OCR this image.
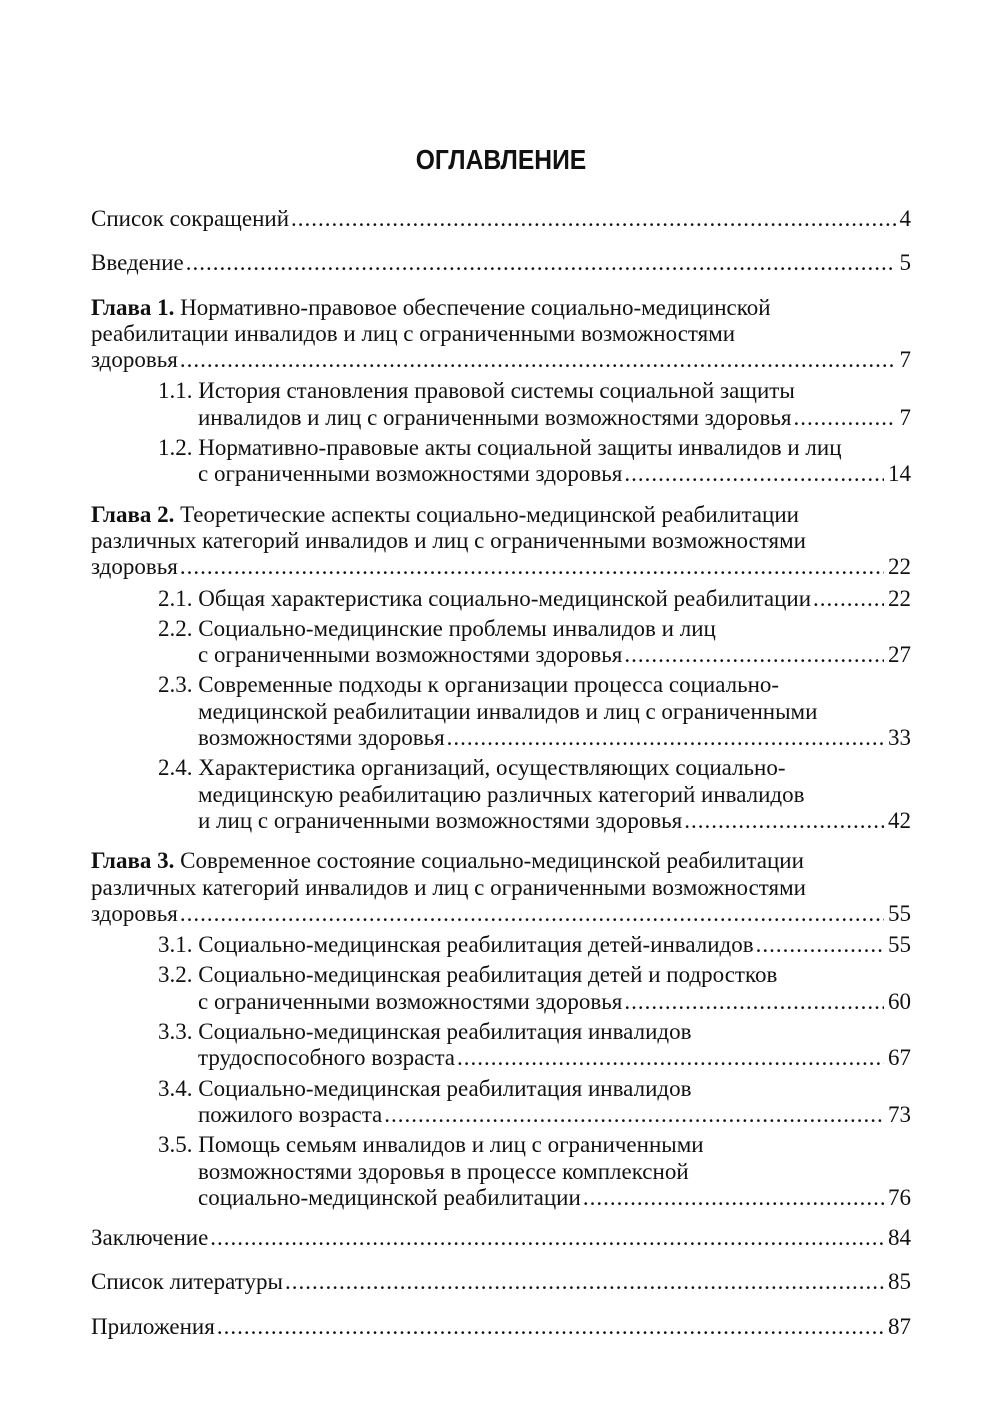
ОГЛАВЛЕНИЕ
Список сокращений .....	4
Введение .....	5
Глава 1. Нормативно-правовое обеспечение социально-медицинской
реабилитации инвалидов и лиц с ограниченными возможностями
здоровья .....	7
1.1. История становления правовой системы социальной защиты
инвалидов и лиц с ограниченными возможностями здоровья .....	7
1.2. Нормативно-правовые акты социальной защиты инвалидов и лиц
с ограниченными возможностями здоровья .....	14
Глава 2. Теоретические аспекты социально-медицинской реабилитации
различных категорий инвалидов и лиц с ограниченными возможностями
здоровья .....	22
2.1. Общая характеристика социально-медицинской реабилитации .....	22
2.2. Социально-медицинские проблемы инвалидов и лиц
с ограниченными возможностями здоровья .....	27
2.3. Современные подходы к организации процесса социально-
медицинской реабилитации инвалидов и лиц с ограниченными
возможностями здоровья .....	33
2.4. Характеристика организаций, осуществляющих социально-
медицинскую реабилитацию различных категорий инвалидов
и лиц с ограниченными возможностями здоровья .....	42
Глава 3. Современное состояние социально-медицинской реабилитации
различных категорий инвалидов и лиц с ограниченными возможностями
здоровья .....	55
3.1. Социально-медицинская реабилитация детей-инвалидов .....	55
3.2. Социально-медицинская реабилитация детей и подростков
с ограниченными возможностями здоровья .....	60
3.3. Социально-медицинская реабилитация инвалидов
трудоспособного возраста .....	67
3.4. Социально-медицинская реабилитация инвалидов
пожилого возраста .....	73
3.5. Помощь семьям инвалидов и лиц с ограниченными
возможностями здоровья в процессе комплексной
социально-медицинской реабилитации .....	76
Заключение .....	84
Список литературы .....	85
Приложения .....	87
